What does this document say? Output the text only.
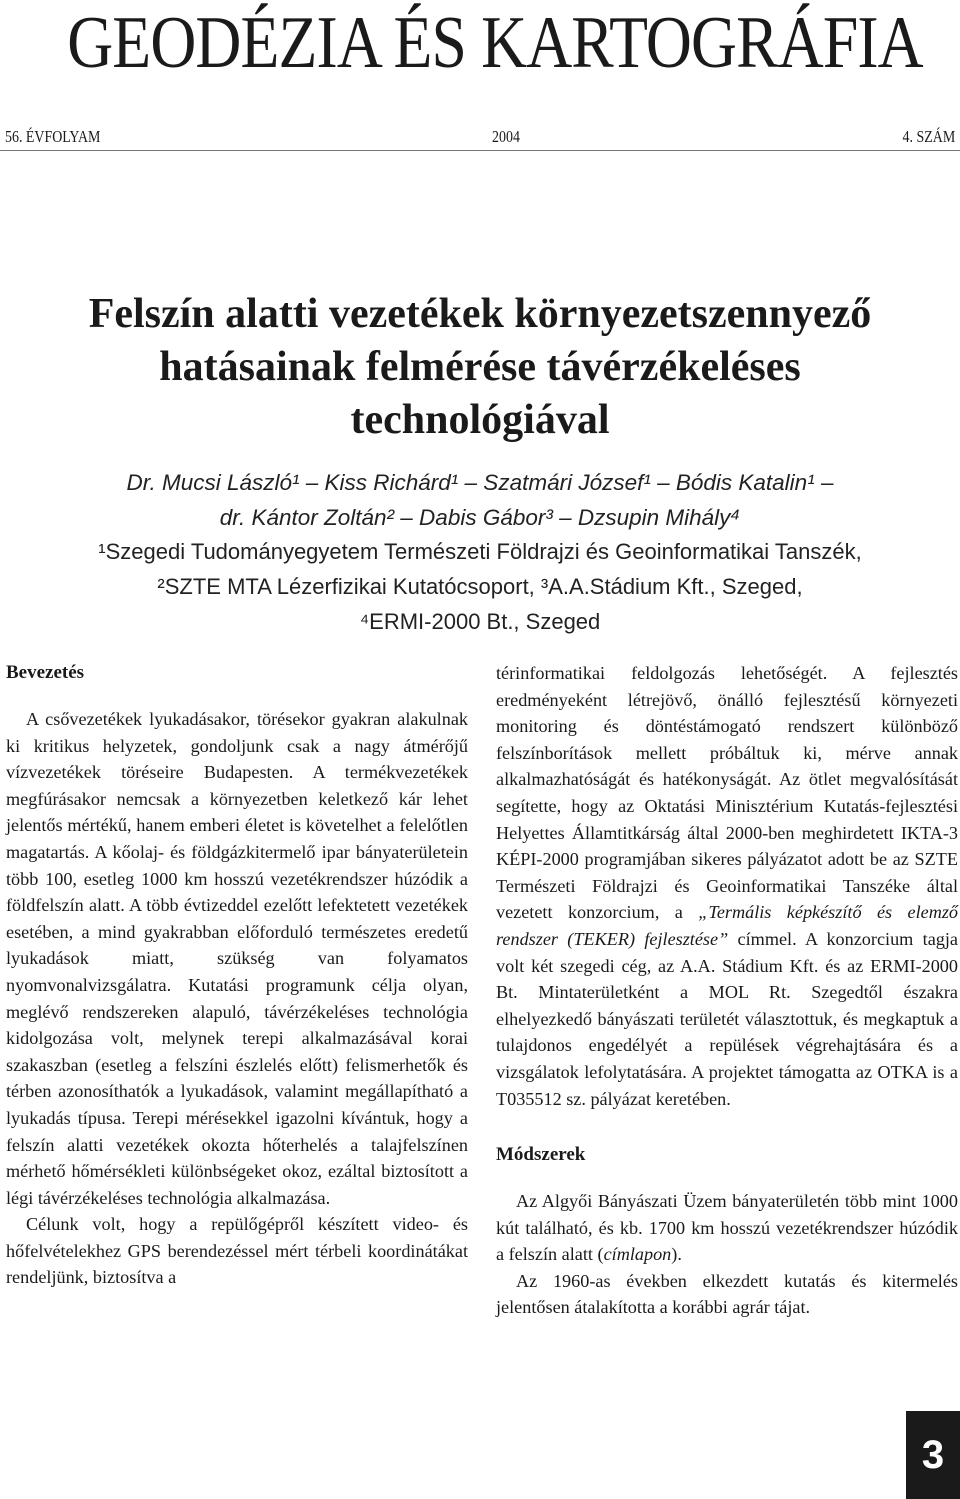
GEODÉZIA ÉS KARTOGRÁFIA
56. ÉVFOLYAM	2004	4. SZÁM
Felszín alatti vezetékek környezetszennyező
hatásainak felmérése távérzékeléses
technológiával
Dr. Mucsi László¹ – Kiss Richárd¹ – Szatmári József¹ – Bódis Katalin¹ –
dr. Kántor Zoltán² – Dabis Gábor³ – Dzsupin Mihály⁴
¹Szegedi Tudományegyetem Természeti Földrajzi és Geoinformatikai Tanszék,
²SZTE MTA Lézerfizikai Kutatócsoport, ³A.A.Stádium Kft., Szeged,
⁴ERMI-2000 Bt., Szeged
Bevezetés

A csővezetékek lyukadásakor, törésekor gyakran alakulnak ki kritikus helyzetek, gondoljunk csak a nagy átmérőjű vízvezetékek töréseire Budapesten. A termékvezetékek megfúrásakor nemcsak a környezetben keletkező kár lehet jelentős mértékű, hanem emberi életet is követelhet a felelőtlen magatartás. A kőolaj- és földgázkitermelő ipar bányaterületein több 100, esetleg 1000 km hosszú vezetékrendszer húzódik a földfelszín alatt. A több évtizeddel ezelőtt lefektetett vezetékek esetében, a mind gyakrabban előforduló természetes eredetű lyukadások miatt, szükség van folyamatos nyomvonalvizsgálatra. Kutatási programunk célja olyan, meglévő rendszereken alapuló, távérzékeléses technológia kidolgozása volt, melynek terepi alkalmazásával korai szakaszban (esetleg a felszíni észlelés előtt) felismerhetők és térben azonosíthatók a lyukadások, valamint megállapítható a lyukadás típusa. Terepi mérésekkel igazolni kívántuk, hogy a felszín alatti vezetékek okozta hőterhelés a talajfelszínen mérhető hőmérsékleti különbségeket okoz, ezáltal biztosított a légi távérzékeléses technológia alkalmazása.

Célunk volt, hogy a repülőgépről készített video- és hőfelvételekhez GPS berendezéssel mért térbeli koordinátákat rendeljünk, biztosítva a

térinformatikai feldolgozás lehetőségét. A fejlesztés eredményeként létrejövő, önálló fejlesztésű környezeti monitoring és döntéstámogató rendszert különböző felszínborítások mellett próbáltuk ki, mérve annak alkalmazhatóságát és hatékonyságát. Az ötlet megvalósítását segítette, hogy az Oktatási Minisztérium Kutatás-fejlesztési Helyettes Államtitkárság által 2000-ben meghirdetett IKTA-3 KÉPI-2000 programjában sikeres pályázatot adott be az SZTE Természeti Földrajzi és Geoinformatikai Tanszéke által vezetett konzorcium, a „Termális képkészítő és elemző rendszer (TEKER) fejlesztése” címmel. A konzorcium tagja volt két szegedi cég, az A.A. Stádium Kft. és az ERMI-2000 Bt. Mintaterületként a MOL Rt. Szegedtől északra elhelyezkedő bányászati területét választottuk, és megkaptuk a tulajdonos engedélyét a repülések végrehajtására és a vizsgálatok lefolytatására. A projektet támogatta az OTKA is a T035512 sz. pályázat keretében.

Módszerek

Az Algyői Bányászati Üzem bányaterületén több mint 1000 kút található, és kb. 1700 km hosszú vezetékrendszer húzódik a felszín alatt (címlapon).

Az 1960-as években elkezdett kutatás és kitermelés jelentősen átalakította a korábbi agrár tájat.

3
